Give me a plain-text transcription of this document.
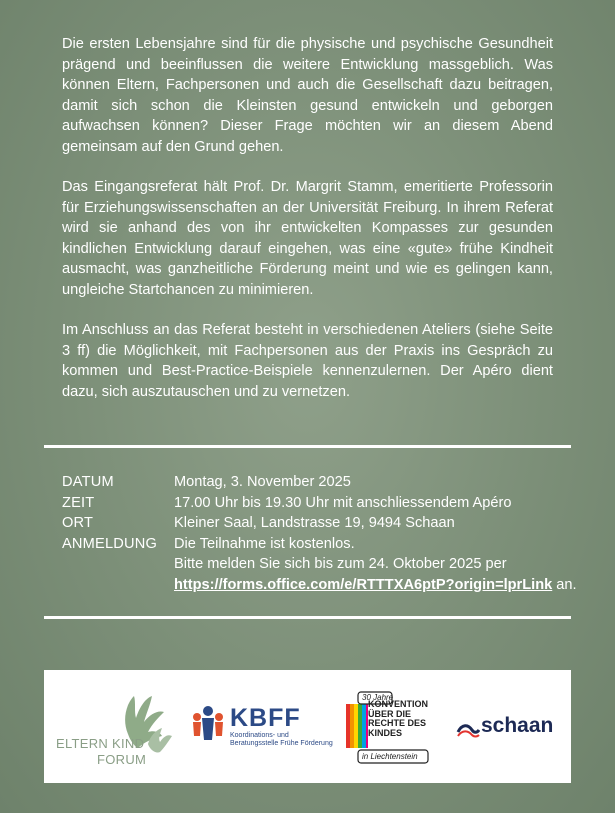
Die ersten Lebensjahre sind für die physische und psychische Gesundheit prägend und beeinflussen die weitere Entwicklung massgeblich. Was können Eltern, Fachpersonen und auch die Gesellschaft dazu beitragen, damit sich schon die Kleinsten gesund entwickeln und geborgen aufwachsen können? Dieser Frage möchten wir an diesem Abend gemeinsam auf den Grund gehen.

Das Eingangsreferat hält Prof. Dr. Margrit Stamm, emeritierte Professorin für Erziehungswissenschaften an der Universität Freiburg. In ihrem Referat wird sie anhand des von ihr entwickelten Kompasses zur gesunden kindlichen Entwicklung darauf eingehen, was eine «gute» frühe Kindheit ausmacht, was ganzheitliche Förderung meint und wie es gelingen kann, ungleiche Startchancen zu minimieren.

Im Anschluss an das Referat besteht in verschiedenen Ateliers (siehe Seite 3 ff) die Möglichkeit, mit Fachpersonen aus der Praxis ins Gespräch zu kommen und Best-Practice-Beispiele kennenzulernen. Der Apéro dient dazu, sich auszutauschen und zu vernetzen.

DATUM	Montag, 3. November 2025
ZEIT	17.00 Uhr bis 19.30 Uhr mit anschliessendem Apéro
ORT	Kleiner Saal, Landstrasse 19, 9494 Schaan
ANMELDUNG	Die Teilnahme ist kostenlos.
Bitte melden Sie sich bis zum 24. Oktober 2025 per
https://forms.office.com/e/RTTTXA6ptP?origin=lprLink an.
ELTERN KIND
FORUM
KBFF
Koordinations- und
Beratungsstelle Frühe Förderung
30 Jahre
KONVENTION ÜBER DIE RECHTE DES KINDES
in Liechtenstein
schaan
